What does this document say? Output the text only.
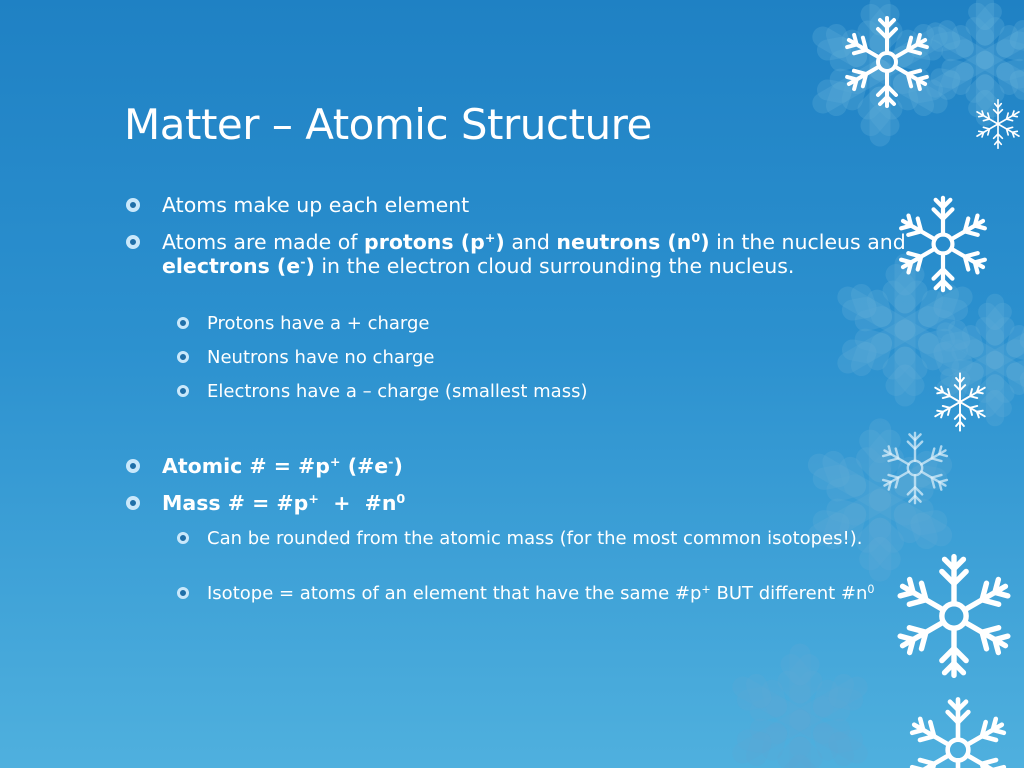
Matter – Atomic Structure

Atoms make up each element

Atoms are made of protons (p+) and neutrons $(n^0)$ in the nucleus and electrons (e-) in the electron cloud surrounding the nucleus.

Protons have a + charge

Neutrons have no charge

Electrons have a – charge (smallest mass)

Atomic # = #p+ (#e-)

Mass # = #p+  +  $\#n^0$

Can be rounded from the atomic mass (for the most common isotopes!).

Isotope = atoms of an element that have the same #p+ BUT different $\#n^0$
